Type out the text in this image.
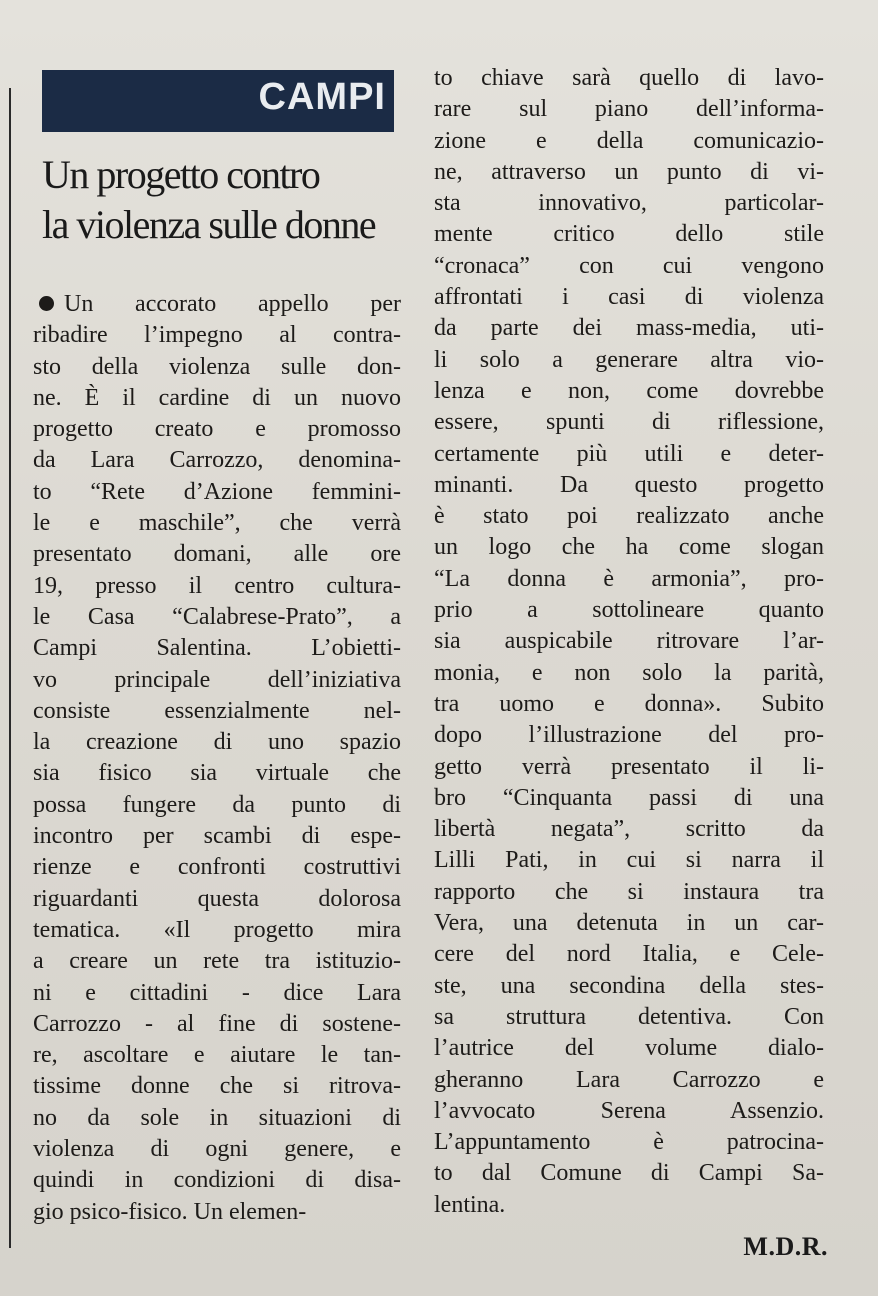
CAMPI
Un progetto contro
la violenza sulle donne
Un accorato appello per
ribadire l’impegno al contra-
sto della violenza sulle don-
ne. È il cardine di un nuovo
progetto creato e promosso
da Lara Carrozzo, denomina-
to “Rete d’Azione femmini-
le e maschile”, che verrà
presentato domani, alle ore
19, presso il centro cultura-
le Casa “Calabrese-Prato”, a
Campi Salentina. L’obietti-
vo principale dell’iniziativa
consiste essenzialmente nel-
la creazione di uno spazio
sia fisico sia virtuale che
possa fungere da punto di
incontro per scambi di espe-
rienze e confronti costruttivi
riguardanti questa dolorosa
tematica. «Il progetto mira
a creare un rete tra istituzio-
ni e cittadini - dice Lara
Carrozzo - al fine di sostene-
re, ascoltare e aiutare le tan-
tissime donne che si ritrova-
no da sole in situazioni di
violenza di ogni genere, e
quindi in condizioni di disa-
gio psico-fisico. Un elemen-
to chiave sarà quello di lavo-
rare sul piano dell’informa-
zione e della comunicazio-
ne, attraverso un punto di vi-
sta innovativo, particolar-
mente critico dello stile
“cronaca” con cui vengono
affrontati i casi di violenza
da parte dei mass-media, uti-
li solo a generare altra vio-
lenza e non, come dovrebbe
essere, spunti di riflessione,
certamente più utili e deter-
minanti. Da questo progetto
è stato poi realizzato anche
un logo che ha come slogan
“La donna è armonia”, pro-
prio a sottolineare quanto
sia auspicabile ritrovare l’ar-
monia, e non solo la parità,
tra uomo e donna». Subito
dopo l’illustrazione del pro-
getto verrà presentato il li-
bro “Cinquanta passi di una
libertà negata”, scritto da
Lilli Pati, in cui si narra il
rapporto che si instaura tra
Vera, una detenuta in un car-
cere del nord Italia, e Cele-
ste, una secondina della stes-
sa struttura detentiva. Con
l’autrice del volume dialo-
gheranno Lara Carrozzo e
l’avvocato Serena Assenzio.
L’appuntamento è patrocina-
to dal Comune di Campi Sa-
lentina.
M.D.R.
